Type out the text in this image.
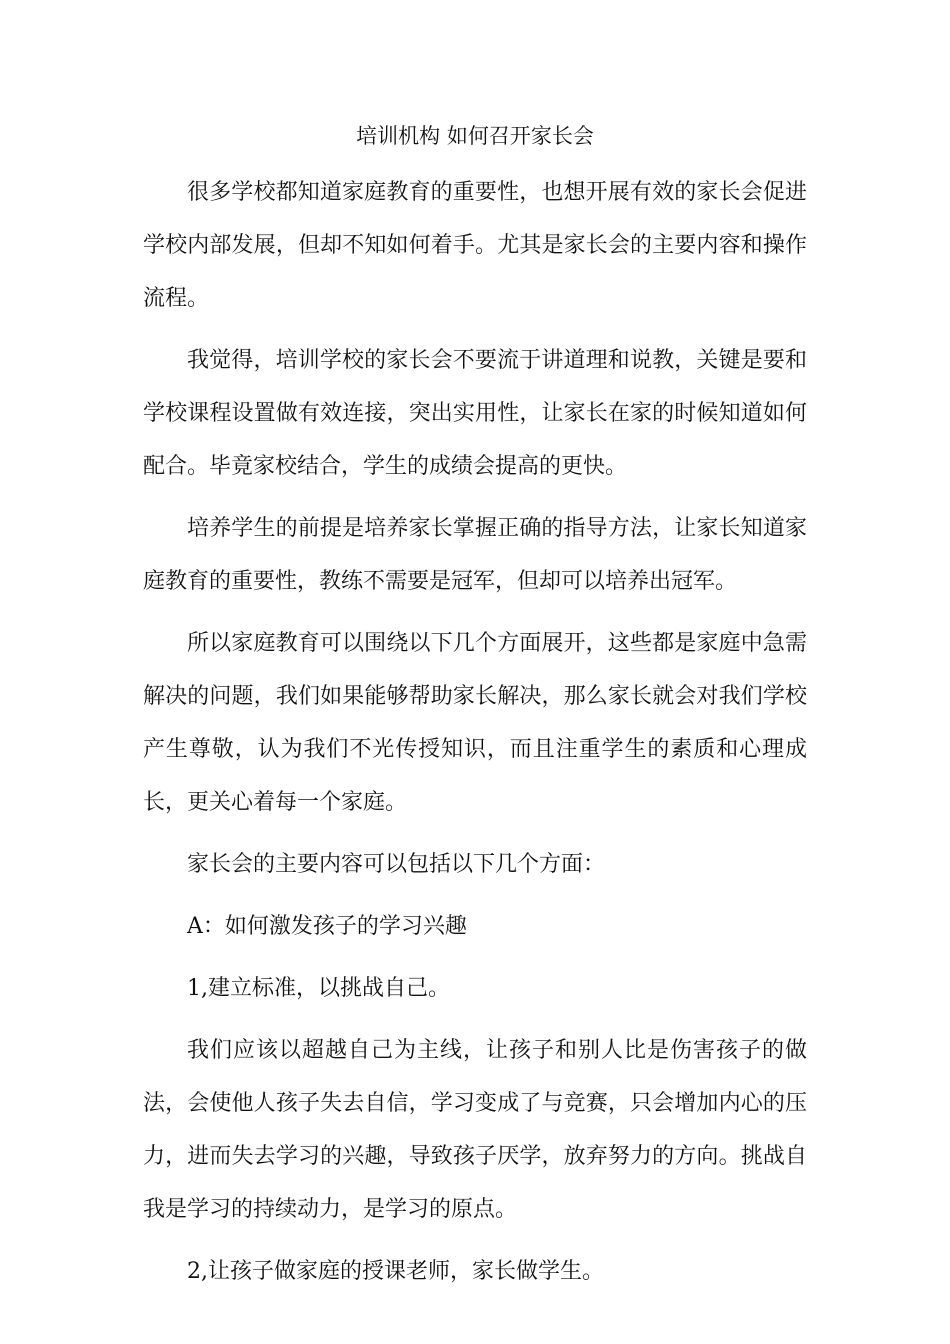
培训机构 如何召开家长会

很多学校都知道家庭教育的重要性，也想开展有效的家长会促进学校内部发展，但却不知如何着手。尤其是家长会的主要内容和操作流程。

我觉得，培训学校的家长会不要流于讲道理和说教，关键是要和学校课程设置做有效连接，突出实用性，让家长在家的时候知道如何配合。毕竟家校结合，学生的成绩会提高的更快。

培养学生的前提是培养家长掌握正确的指导方法，让家长知道家庭教育的重要性，教练不需要是冠军，但却可以培养出冠军。

所以家庭教育可以围绕以下几个方面展开，这些都是家庭中急需解决的问题，我们如果能够帮助家长解决，那么家长就会对我们学校产生尊敬，认为我们不光传授知识，而且注重学生的素质和心理成长，更关心着每一个家庭。

家长会的主要内容可以包括以下几个方面：

A：如何激发孩子的学习兴趣

1,建立标准，以挑战自己。

我们应该以超越自己为主线，让孩子和别人比是伤害孩子的做法，会使他人孩子失去自信，学习变成了与竞赛，只会增加内心的压力，进而失去学习的兴趣，导致孩子厌学，放弃努力的方向。挑战自我是学习的持续动力，是学习的原点。

2,让孩子做家庭的授课老师，家长做学生。
